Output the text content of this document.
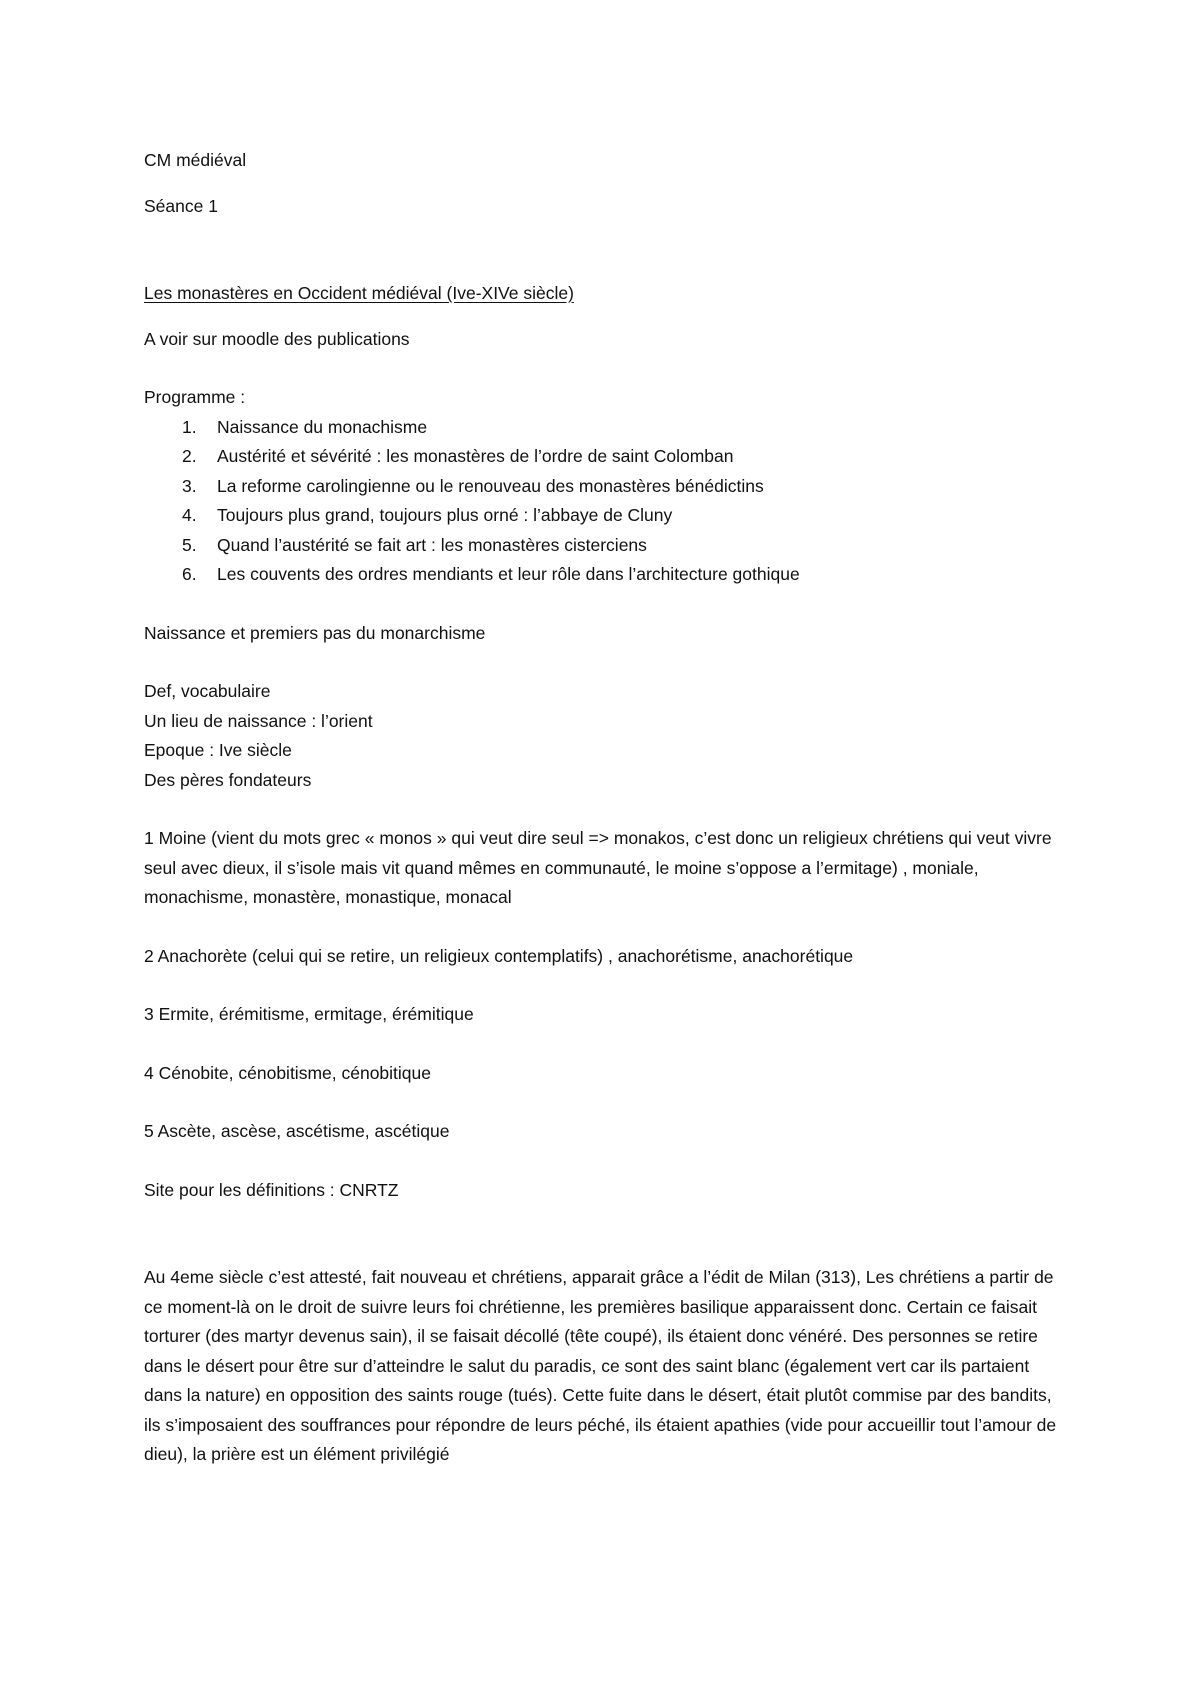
CM médiéval

Séance 1

Les monastères en Occident médiéval (Ive-XIVe siècle)

A voir sur moodle des publications

Programme :

1. Naissance du monachisme
2. Austérité et sévérité : les monastères de l’ordre de saint Colomban
3. La reforme carolingienne ou le renouveau des monastères bénédictins
4. Toujours plus grand, toujours plus orné : l’abbaye de Cluny
5. Quand l’austérité se fait art : les monastères cisterciens
6. Les couvents des ordres mendiants et leur rôle dans l’architecture gothique

Naissance et premiers pas du monarchisme

Def, vocabulaire

Un lieu de naissance : l’orient

Epoque : Ive siècle

Des pères fondateurs

1 Moine (vient du mots grec « monos » qui veut dire seul => monakos, c’est donc un religieux chrétiens qui veut vivre seul avec dieux, il s’isole mais vit quand mêmes en communauté, le moine s’oppose a l’ermitage) , moniale, monachisme, monastère, monastique, monacal

2 Anachorète (celui qui se retire, un religieux contemplatifs) , anachorétisme, anachorétique

3 Ermite, érémitisme, ermitage, érémitique

4 Cénobite, cénobitisme, cénobitique

5 Ascète, ascèse, ascétisme, ascétique

Site pour les définitions : CNRTZ

Au 4eme siècle c’est attesté, fait nouveau et chrétiens, apparait grâce a l’édit de Milan (313), Les chrétiens a partir de ce moment-là on le droit de suivre leurs foi chrétienne, les premières basilique apparaissent donc. Certain ce faisait torturer (des martyr devenus sain), il se faisait décollé (tête coupé), ils étaient donc vénéré. Des personnes se retire dans le désert pour être sur d’atteindre le salut du paradis, ce sont des saint blanc (également vert car ils partaient dans la nature) en opposition des saints rouge (tués). Cette fuite dans le désert, était plutôt commise par des bandits, ils s’imposaient des souffrances pour répondre de leurs péché, ils étaient apathies (vide pour accueillir tout l’amour de dieu), la prière est un élément privilégié
